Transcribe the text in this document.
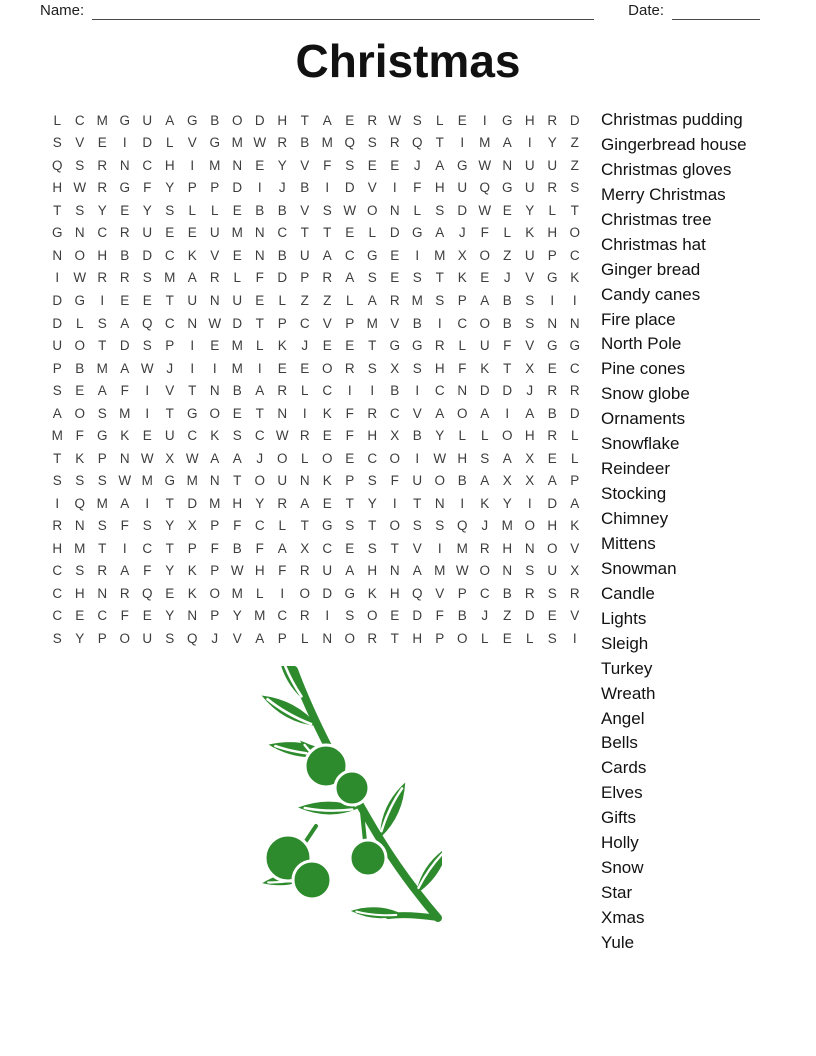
Name:	Date:
Christmas
L	C M G U A G B O D H	T	A E R W S	L	E	I	G H R D
S V E	I	D	L	V G M W R B M Q S R Q T	I	M A	I	Y	Z
Q S R N C H	I	M N E Y V	F	S E E	J	A G W N U U	Z
H W R G F	Y P P D	I	J	B	I	D V	I	F	H U Q G U R S
T	S Y E Y S	L	L	E B B V S W O N	L	S D W E Y	L	T
G N C R U E E U M N C	T	T	E	L	D G A	J	F	L	K H O
N O H B D C K V E N B U A C G E	I	M X O Z	U P C
I	W R R S M A R	L	F	D P R A S E S	T	K E	J	V G K
D G	I	E E	T	U N U E	L	Z	Z	L	A R M S P A B S	I	I
D	L	S A Q C N W D	T	P C V P M V B	I	C O B S N N
U O T	D S P	I	E M L	K	J	E E	T G G R	L	U	F	V G G
P B M A W J	I	I	M	I	E E O R S X S H	F	K	T	X E C
S E A	F	I	V	T	N B A R	L	C	I	I	B	I	C N D D	J	R R
A O S M	I	T G O E	T	N	I	K	F	R C V A O A	I	A B D
M F G K E U C K S C W R E	F	H X B Y	L	L O H R	L
T	K P N W X W A A	J	O L O E C O	I	W H S A X E	L
S S S W M G M N	T O U N K P S	F	U O B A X X A P
I	Q M A	I	T	D M H Y R A E	T	Y	I	T	N	I	K Y	I	D A
R N S	F	S Y X P	F	C	L	T G S	T O S S Q	J	M O H K
H M T	I	C	T	P	F	B	F	A X C E S	T	V	I	M R H N O V
C S R A	F	Y K P W H	F	R U A H N A M W O N S U X
C H N R Q E K O M L	I	O D G K H Q V P C B R S R
C E C	F	E Y N P Y M C R	I	S O E D	F	B	J	Z	D E V
S Y P O U S Q	J	V A P	L	N O R	T	H P O L	E	L	S	I
Christmas pudding
Gingerbread house
Christmas gloves
Merry Christmas
Christmas tree
Christmas hat
Ginger bread
Candy canes
Fire place
North Pole
Pine cones
Snow globe
Ornaments
Snowflake
Reindeer
Stocking
Chimney
Mittens
Snowman
Candle
Lights
Sleigh
Turkey
Wreath
Angel
Bells
Cards
Elves
Gifts
Holly
Snow
Star
Xmas
Yule
